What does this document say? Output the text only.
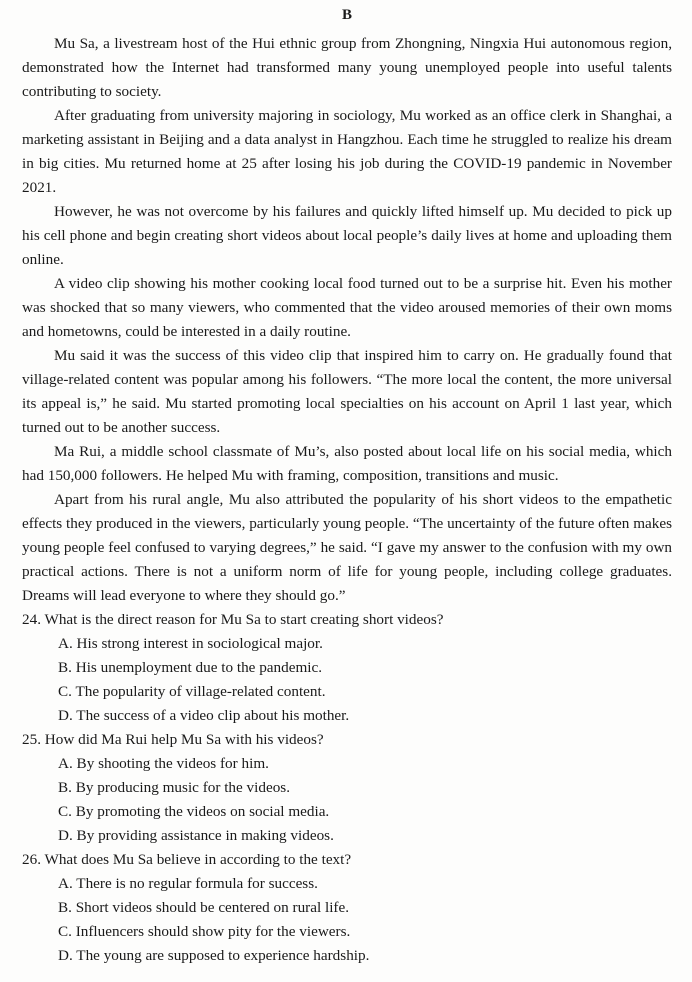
B

Mu Sa, a livestream host of the Hui ethnic group from Zhongning, Ningxia Hui autonomous region, demonstrated how the Internet had transformed many young unemployed people into useful talents contributing to society.

After graduating from university majoring in sociology, Mu worked as an office clerk in Shanghai, a marketing assistant in Beijing and a data analyst in Hangzhou. Each time he struggled to realize his dream in big cities. Mu returned home at 25 after losing his job during the COVID-19 pandemic in November 2021.

However, he was not overcome by his failures and quickly lifted himself up. Mu decided to pick up his cell phone and begin creating short videos about local people’s daily lives at home and uploading them online.

A video clip showing his mother cooking local food turned out to be a surprise hit. Even his mother was shocked that so many viewers, who commented that the video aroused memories of their own moms and hometowns, could be interested in a daily routine.

Mu said it was the success of this video clip that inspired him to carry on. He gradually found that village-related content was popular among his followers. “The more local the content, the more universal its appeal is,” he said. Mu started promoting local specialties on his account on April 1 last year, which turned out to be another success.

Ma Rui, a middle school classmate of Mu’s, also posted about local life on his social media, which had 150,000 followers. He helped Mu with framing, composition, transitions and music.

Apart from his rural angle, Mu also attributed the popularity of his short videos to the empathetic effects they produced in the viewers, particularly young people. “The uncertainty of the future often makes young people feel confused to varying degrees,” he said. “I gave my answer to the confusion with my own practical actions. There is not a uniform norm of life for young people, including college graduates. Dreams will lead everyone to where they should go.”

24. What is the direct reason for Mu Sa to start creating short videos?

A. His strong interest in sociological major.

B. His unemployment due to the pandemic.

C. The popularity of village-related content.

D. The success of a video clip about his mother.

25. How did Ma Rui help Mu Sa with his videos?

A. By shooting the videos for him.

B. By producing music for the videos.

C. By promoting the videos on social media.

D. By providing assistance in making videos.

26. What does Mu Sa believe in according to the text?

A. There is no regular formula for success.

B. Short videos should be centered on rural life.

C. Influencers should show pity for the viewers.

D. The young are supposed to experience hardship.
